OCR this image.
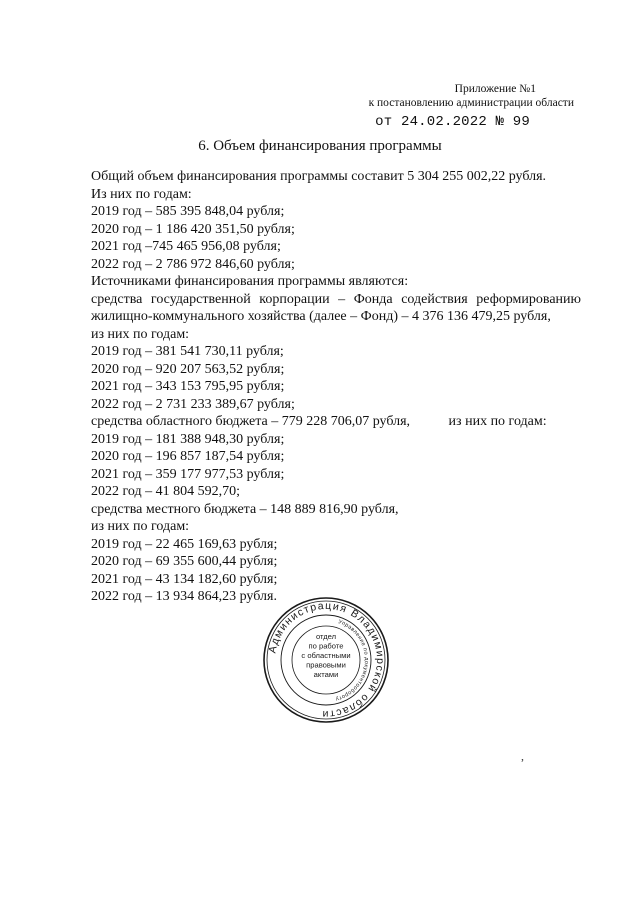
Приложение №1
к постановлению администрации области
от 24.02.2022 № 99
6. Объем финансирования программы
Общий объем финансирования программы составит 5 304 255 002,22 рубля.
Из них по годам:
2019 год – 585 395 848,04 рубля;
2020 год – 1 186 420 351,50 рубля;
2021 год –745 465 956,08 рубля;
2022 год – 2 786 972 846,60 рубля;
Источниками финансирования программы являются:
средства государственной корпорации – Фонда содействия реформированию
жилищно-коммунального хозяйства (далее – Фонд) – 4 376 136 479,25 рубля,
из них по годам:
2019 год – 381 541 730,11 рубля;
2020 год – 920 207 563,52 рубля;
2021 год – 343 153 795,95 рубля;
2022 год – 2 731 233 389,67 рубля;
средства областного бюджета – 779 228 706,07 рубля,           из них по годам:
2019 год – 181 388 948,30 рубля;
2020 год – 196 857 187,54 рубля;
2021 год – 359 177 977,53 рубля;
2022 год – 41 804 592,70;
средства местного бюджета – 148 889 816,90 рубля,
из них по годам:
2019 год – 22 465 169,63 рубля;
2020 год – 69 355 600,44 рубля;
2021 год – 43 134 182,60 рубля;
2022 год – 13 934 864,23 рубля.
Администрация Владимирской области
Управление по документообороту
отдел по работе с областными правовыми актами
,
